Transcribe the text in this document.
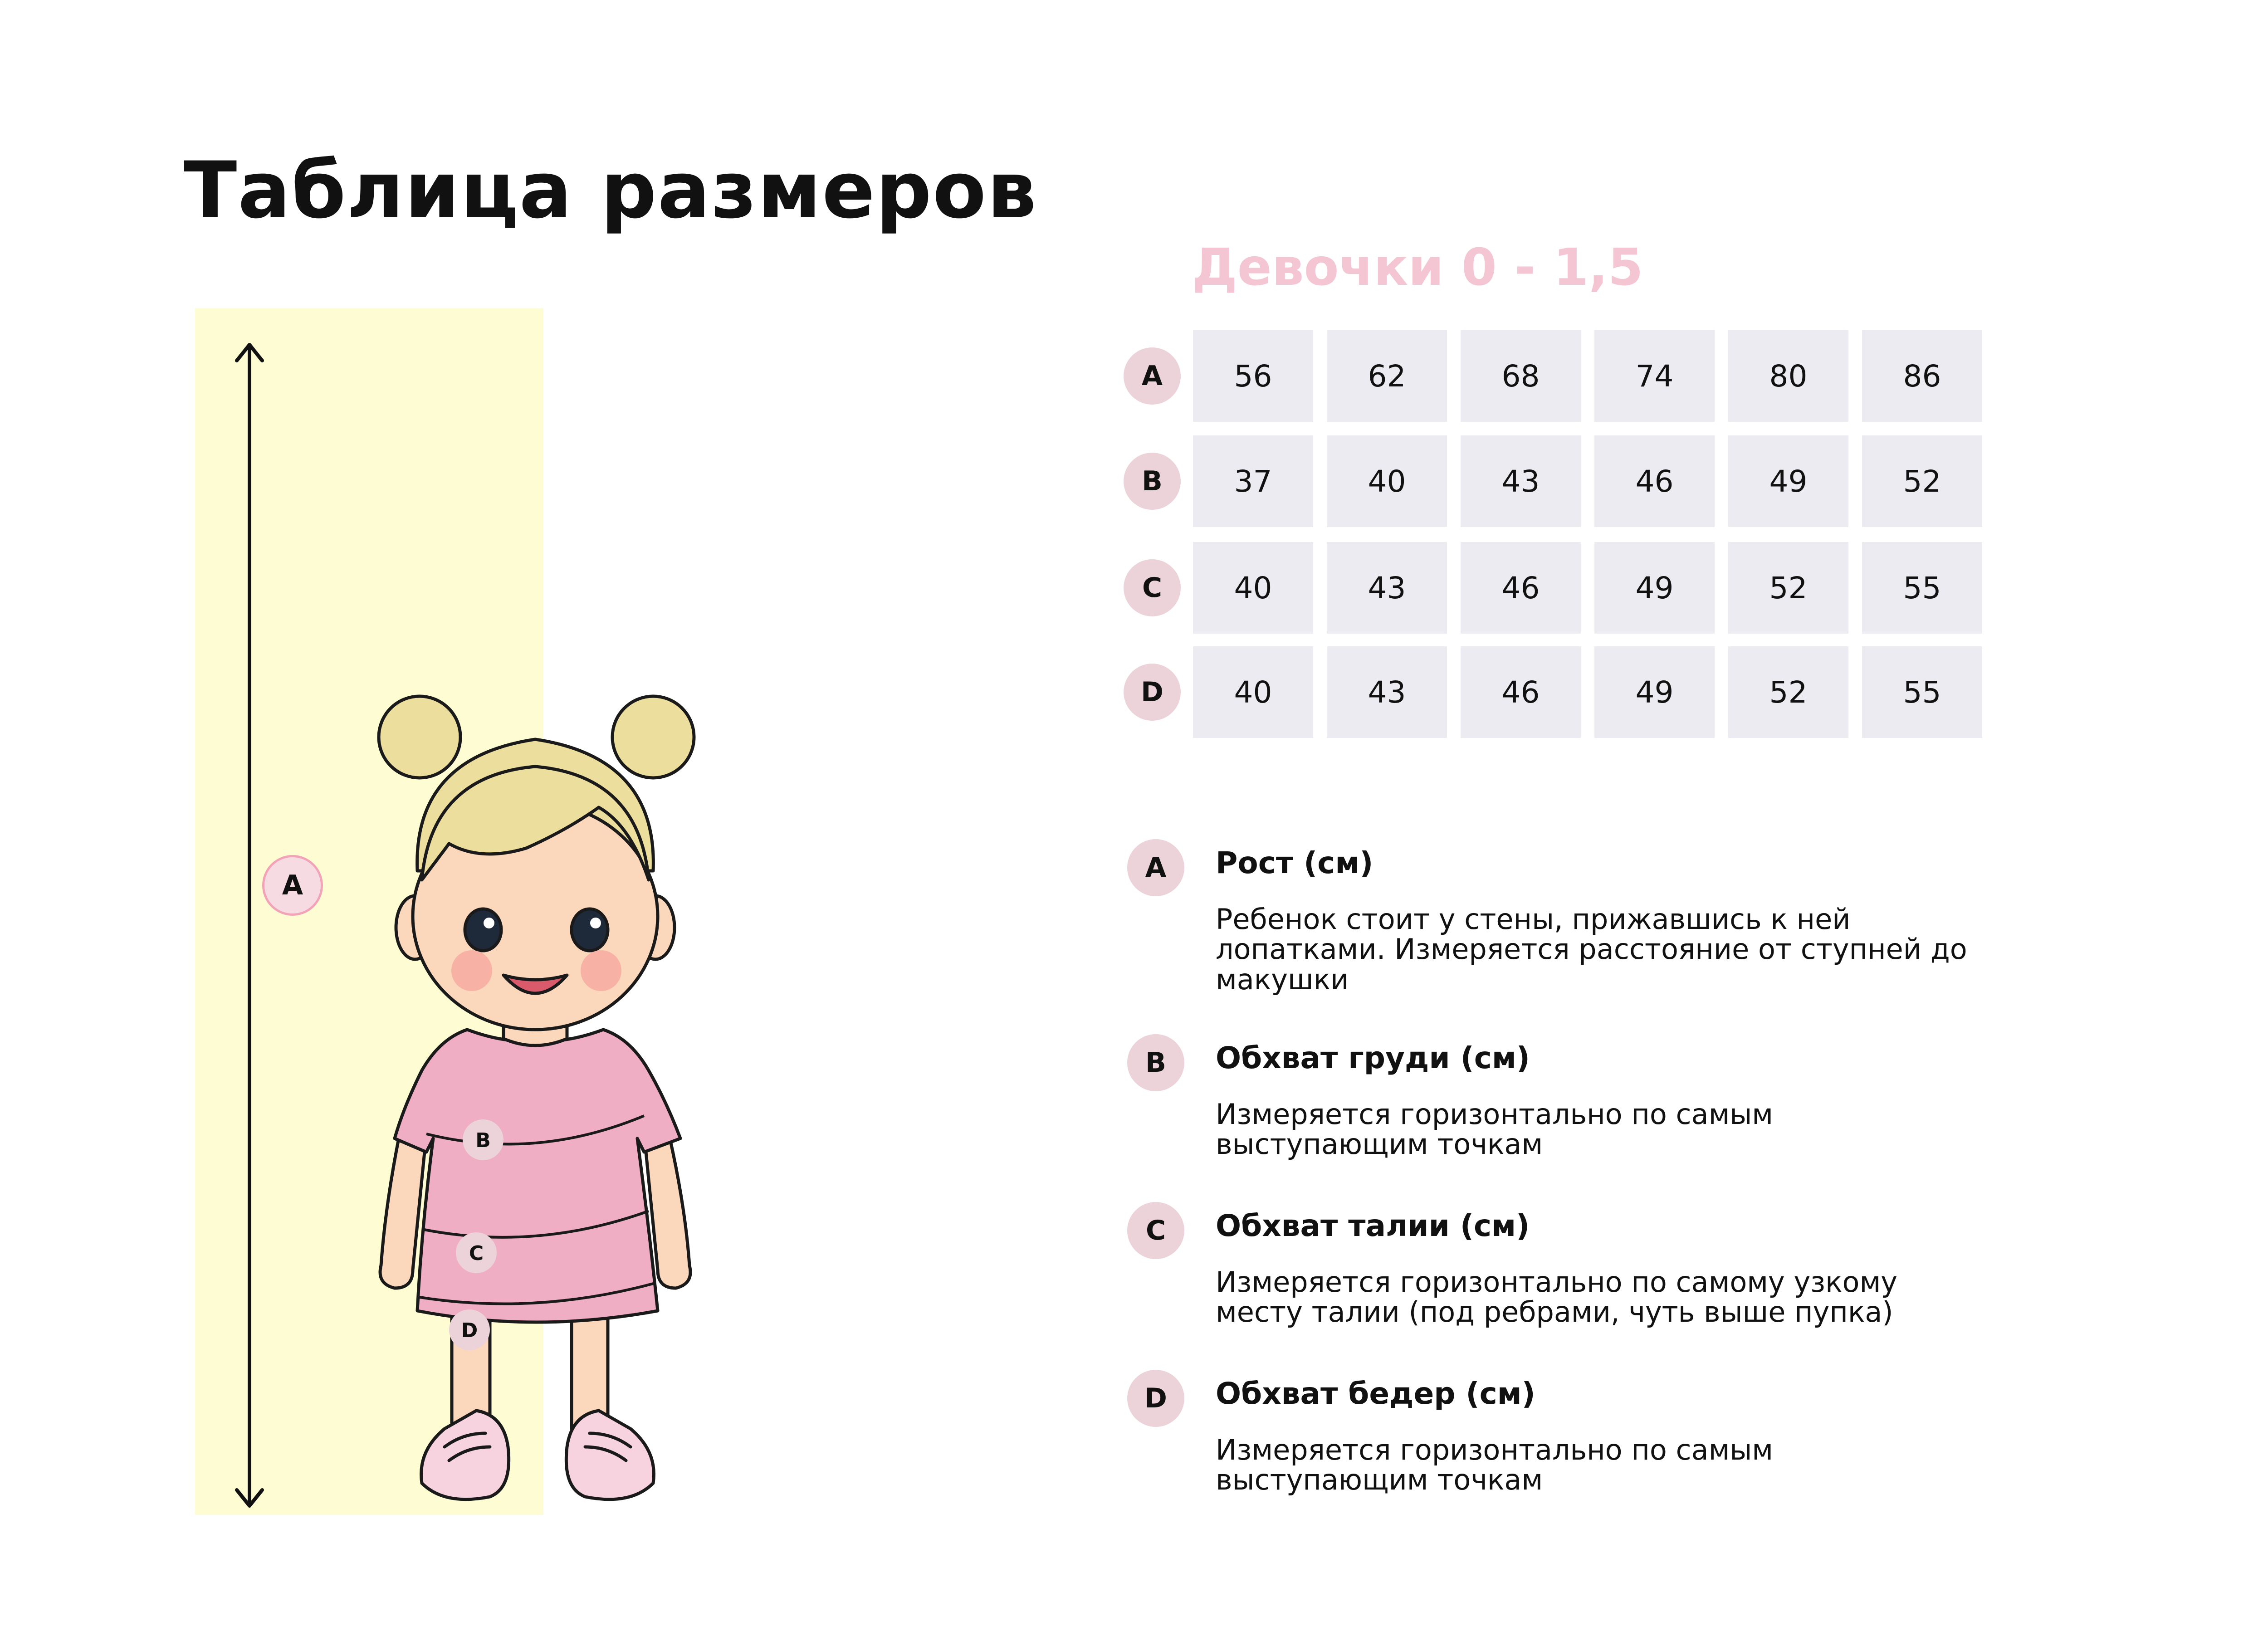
Таблица размеров
A
B
C
D
Девочки 0 - 1,5
A	56	62	68	74	80	86
B	37	40	43	46	49	52
C	40	43	46	49	52	55
D	40	43	46	49	52	55
A	Рост (см)

Ребенок стоит у стены, прижавшись к ней
лопатками. Измеряется расстояние от ступней до
макушки

B	Обхват груди (см)

Измеряется горизонтально по самым
выступающим точкам

C	Обхват талии (см)

Измеряется горизонтально по самому узкому
месту талии (под ребрами, чуть выше пупка)

D	Обхват бедер (см)

Измеряется горизонтально по самым
выступающим точкам
